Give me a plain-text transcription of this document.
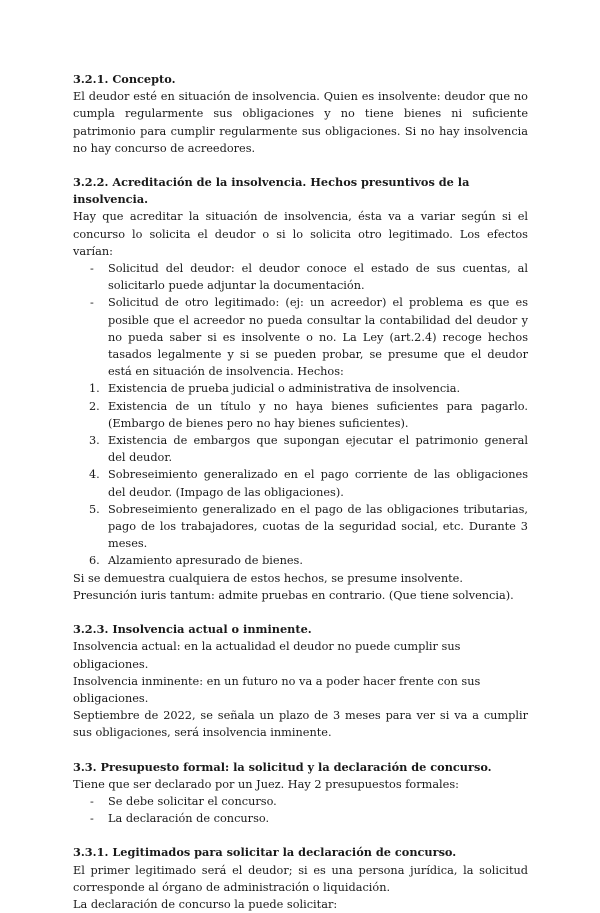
3.2.1. Concepto.

El deudor esté en situación de insolvencia. Quien es insolvente: deudor que no cumpla regularmente sus obligaciones y no tiene bienes ni suficiente patrimonio para cumplir regularmente sus obligaciones. Si no hay insolvencia no hay concurso de acreedores.

3.2.2. Acreditación de la insolvencia. Hechos presuntivos de la insolvencia.

Hay que acreditar la situación de insolvencia, ésta va a variar según si el concurso lo solicita el deudor o si lo solicita otro legitimado. Los efectos varían:

- Solicitud del deudor: el deudor conoce el estado de sus cuentas, al solicitarlo puede adjuntar la documentación.
- Solicitud de otro legitimado: (ej: un acreedor) el problema es que es posible que el acreedor no pueda consultar la contabilidad del deudor y no pueda saber si es insolvente o no. La Ley (art.2.4) recoge hechos tasados legalmente y si se pueden probar, se presume que el deudor está en situación de insolvencia. Hechos:
1. Existencia de prueba judicial o administrativa de insolvencia.
2. Existencia de un título y no haya bienes suficientes para pagarlo. (Embargo de bienes pero no hay bienes suficientes).
3. Existencia de embargos que supongan ejecutar el patrimonio general del deudor.
4. Sobreseimiento generalizado en el pago corriente de las obligaciones del deudor. (Impago de las obligaciones).
5. Sobreseimiento generalizado en el pago de las obligaciones tributarias, pago de los trabajadores, cuotas de la seguridad social, etc. Durante 3 meses.
6. Alzamiento apresurado de bienes.

Si se demuestra cualquiera de estos hechos, se presume insolvente.

Presunción iuris tantum: admite pruebas en contrario. (Que tiene solvencia).

3.2.3. Insolvencia actual o inminente.

Insolvencia actual: en la actualidad el deudor no puede cumplir sus obligaciones.

Insolvencia inminente: en un futuro no va a poder hacer frente con sus obligaciones.

Septiembre de 2022, se señala un plazo de 3 meses para ver si va a cumplir sus obligaciones, será insolvencia inminente.

3.3. Presupuesto formal: la solicitud y la declaración de concurso.

Tiene que ser declarado por un Juez. Hay 2 presupuestos formales:

- Se debe solicitar el concurso.
- La declaración de concurso.
3.3.1. Legitimados para solicitar la declaración de concurso.

El primer legitimado será el deudor; si es una persona jurídica, la solicitud corresponde al órgano de administración o liquidación.

La declaración de concurso la puede solicitar:
